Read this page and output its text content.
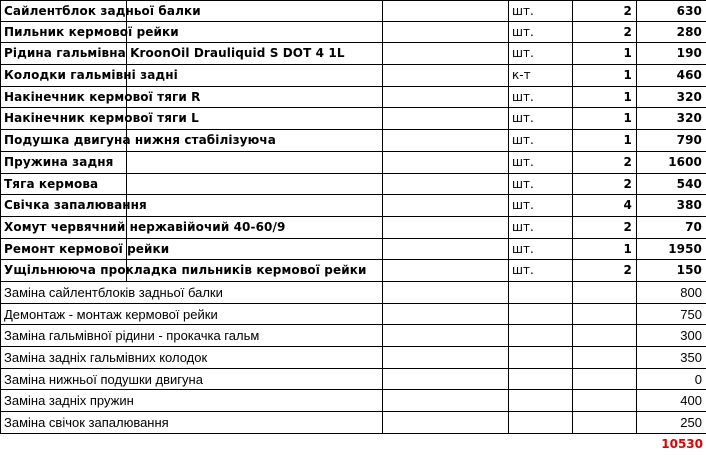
Сайлентблок задньої балки	шт.	2	630
Пильник кермової рейки	шт.	2	280
Рідина гальмівна KroonOil Drauliquid S DOT 4 1L	шт.	1	190
Колодки гальмівні задні	к-т	1	460
Накінечник кермової тяги R	шт.	1	320
Накінечник кермової тяги L	шт.	1	320
Подушка двигуна нижня стабілізуюча	шт.	1	790
Пружина задня	шт.	2	1600
Тяга кермова	шт.	2	540
Свічка запалювання	шт.	4	380
Хомут червячний нержавійочий 40-60/9	шт.	2	70
Ремонт кермової рейки	шт.	1	1950
Ущільнююча прокладка пильників кермової рейки	шт.	2	150
Заміна сайлентблоків задньої балки	800
Демонтаж - монтаж кермової рейки	750
Заміна гальмівної рідини - прокачка гальм	300
Заміна задніх гальмівних колодок	350
Заміна нижньої подушки двигуна	0
Заміна задніх пружин	400
Заміна свічок запалювання	250
10530
